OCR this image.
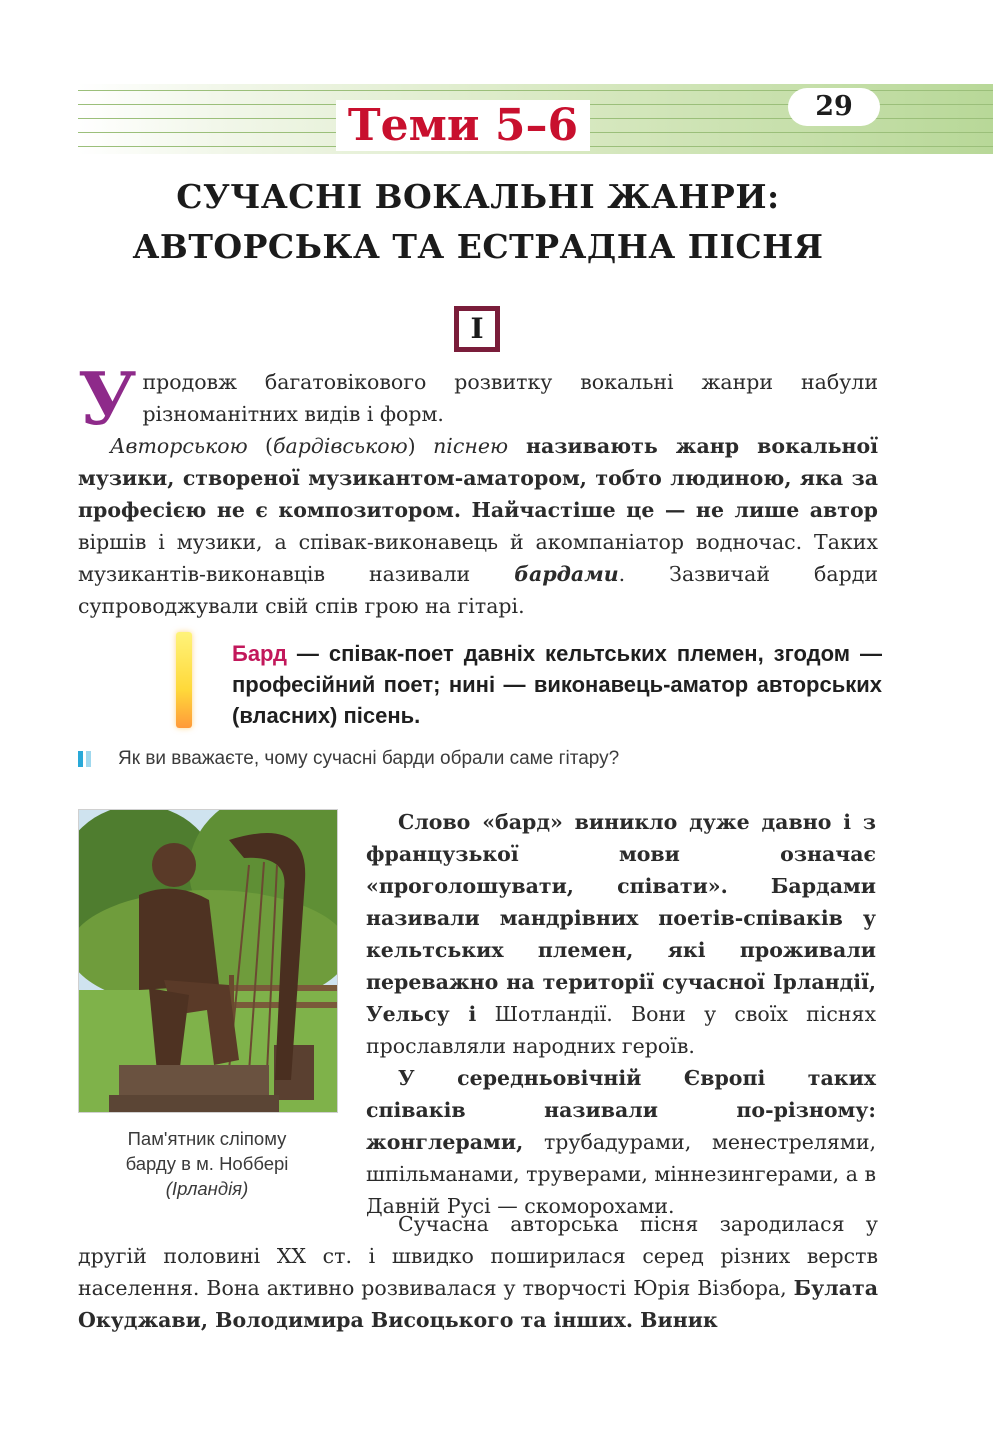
29
Теми 5–6
СУЧАСНІ ВОКАЛЬНІ ЖАНРИ:
АВТОРСЬКА ТА ЕСТРАДНА ПІСНЯ
І
Упродовж багатовікового розвитку вокальні жанри набули різноманітних видів і форм.
Авторською (бардівською) піснею називають жанр вокальної музики, створеної музикантом-аматором, тобто людиною, яка за професією не є композитором. Найчастіше це — не лише автор віршів і музики, а співак-виконавець й акомпаніатор водночас. Таких музикантів-виконавців називали бардами. Зазвичай барди супроводжували свій спів грою на гітарі.
Бард — співак-поет давніх кельтських племен, згодом — професійний поет; нині — виконавець-аматор авторських (власних) пісень.
Як ви вважаєте, чому сучасні барди обрали саме гітару?
Пам'ятник сліпому
барду в м. Ноббері
(Ірландія)

Слово «бард» виникло дуже давно і з французької мови означає «проголошувати, співати». Бардами називали мандрівних поетів-співаків у кельтських племен, які проживали переважно на території сучасної Ірландії, Уельсу і Шотландії. Вони у своїх піснях прославляли народних героїв.

У середньовічній Європі таких співаків називали по-різному: жонглерами, трубадурами, менестрелями, шпільманами, труверами, міннезингерами, а в Давній Русі — скоморохами.

Сучасна авторська пісня зародилася у другій половині XX ст. і швидко поширилася серед різних верств населення. Вона активно розвивалася у творчості Юрія Візбора, Булата Окуджави, Володимира Висоцького та інших. Виник
